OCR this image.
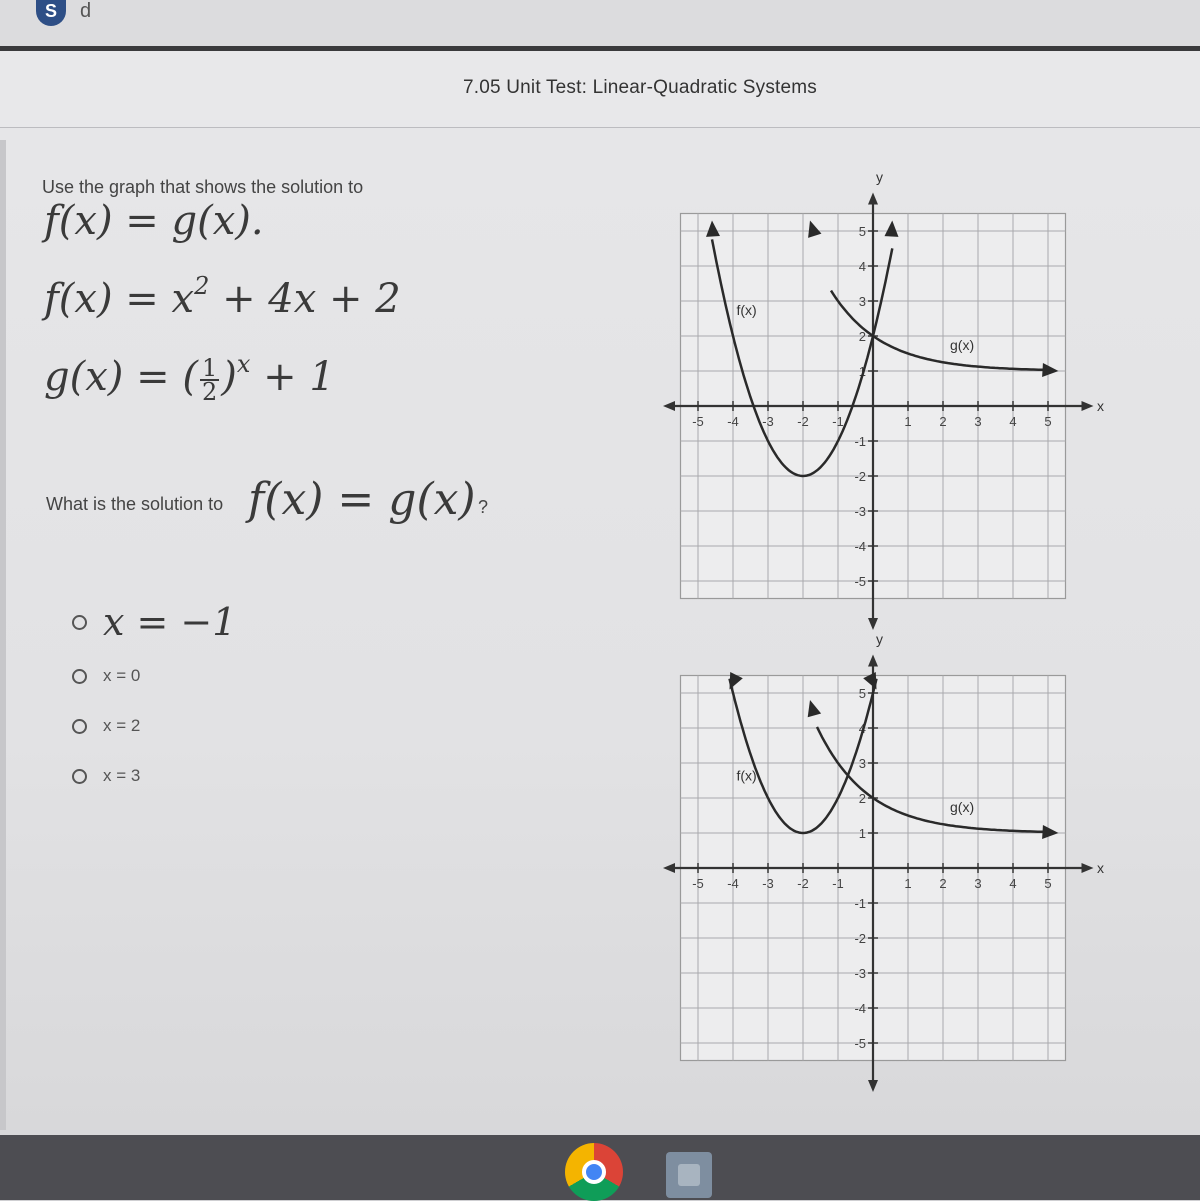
S	d
7.05 Unit Test: Linear-Quadratic Systems
Use the graph that shows the solution to
f(x) = g(x).
$f(x) = x^2 + 4x + 2$
g(x) = ( $\frac{1}{2} )^x + 1$
What is the solution to f(x) = g(x) ?
x = −1
x = 0
x = 2
x = 3
-5 -4 -3 -2 -1	1 2 3 4 5
5
4
3
2
1
-1
-2
-3
-4
-5
x
y
f(x)
g(x)
-5 -4 -3 -2 -1	1 2 3 4 5
5
4
3
2
1
-1
-2
-3
-4
-5
x
y
f(x)
g(x)
